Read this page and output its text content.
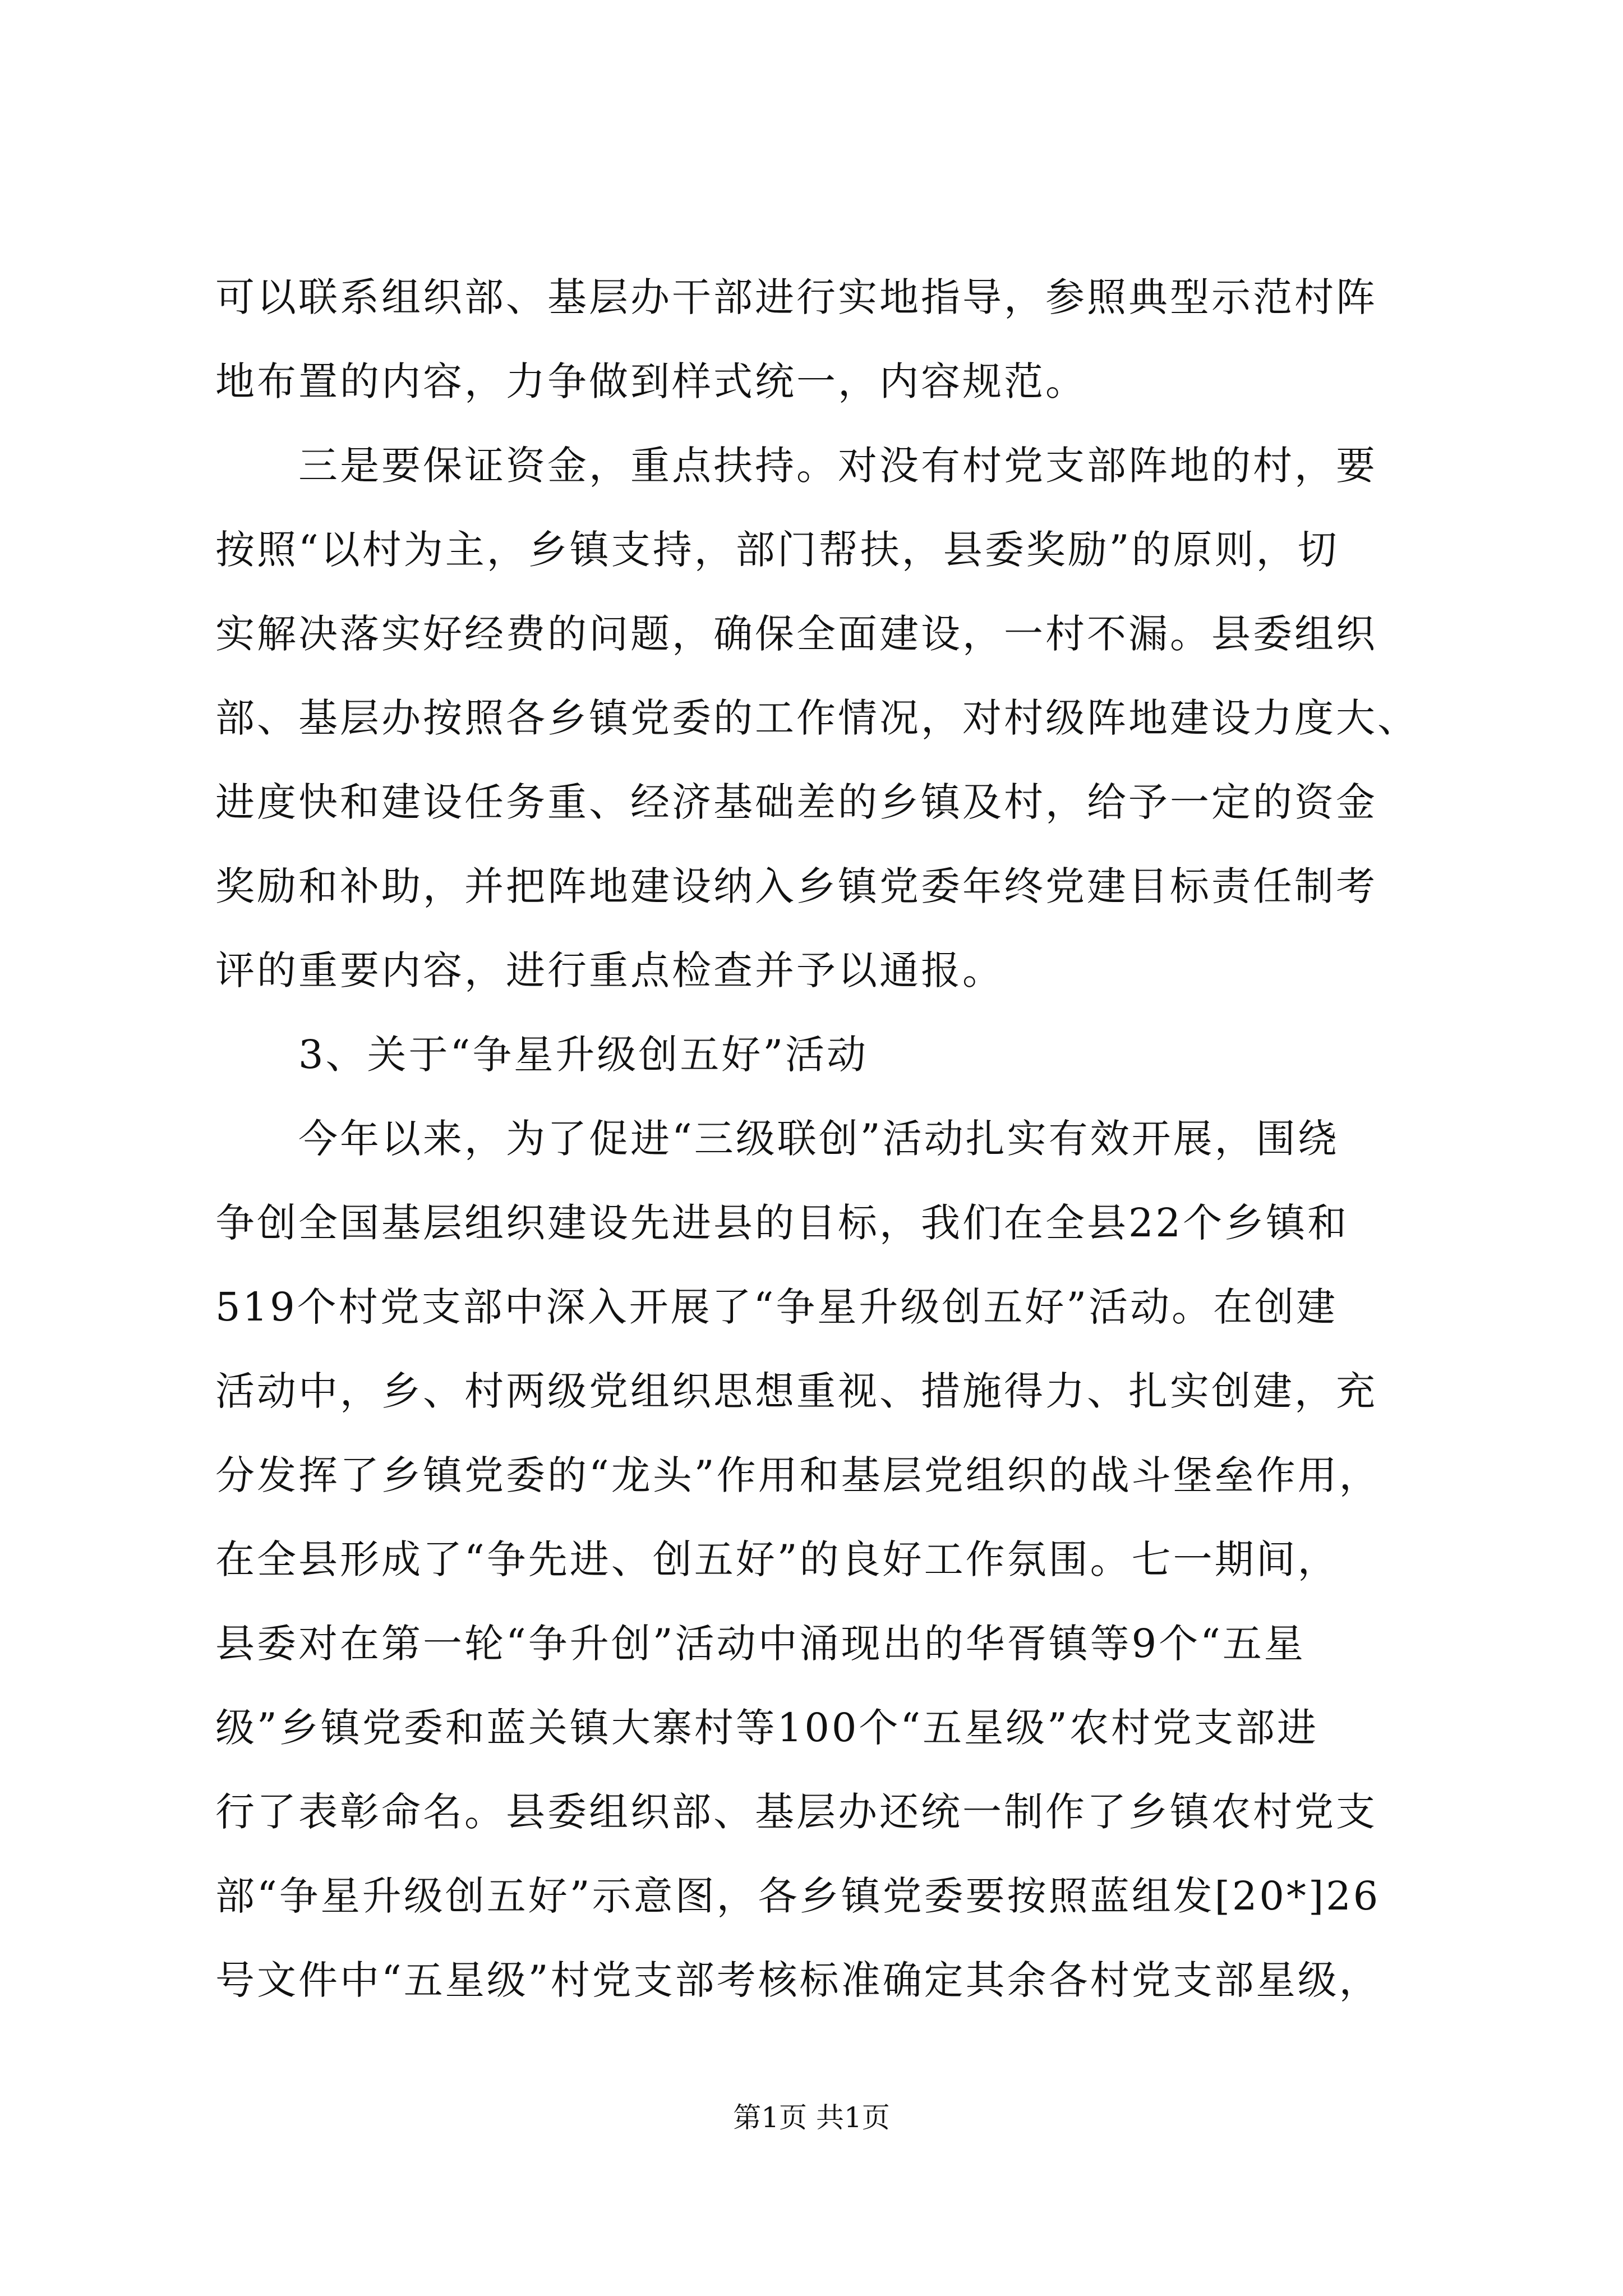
可以联系组织部、基层办干部进行实地指导，参照典型示范村阵
地布置的内容，力争做到样式统一，内容规范。
　　三是要保证资金，重点扶持。对没有村党支部阵地的村，要
按照“以村为主，乡镇支持，部门帮扶，县委奖励”的原则，切
实解决落实好经费的问题，确保全面建设，一村不漏。县委组织
部、基层办按照各乡镇党委的工作情况，对村级阵地建设力度大、
进度快和建设任务重、经济基础差的乡镇及村，给予一定的资金
奖励和补助，并把阵地建设纳入乡镇党委年终党建目标责任制考
评的重要内容，进行重点检查并予以通报。
　　3、关于“争星升级创五好”活动
　　今年以来，为了促进“三级联创”活动扎实有效开展，围绕
争创全国基层组织建设先进县的目标，我们在全县22个乡镇和
519个村党支部中深入开展了“争星升级创五好”活动。在创建
活动中，乡、村两级党组织思想重视、措施得力、扎实创建，充
分发挥了乡镇党委的“龙头”作用和基层党组织的战斗堡垒作用，
在全县形成了“争先进、创五好”的良好工作氛围。七一期间，
县委对在第一轮“争升创”活动中涌现出的华胥镇等9个“五星
级”乡镇党委和蓝关镇大寨村等100个“五星级”农村党支部进
行了表彰命名。县委组织部、基层办还统一制作了乡镇农村党支
部“争星升级创五好”示意图，各乡镇党委要按照蓝组发[20*]26
号文件中“五星级”村党支部考核标准确定其余各村党支部星级，
第1页 共1页
